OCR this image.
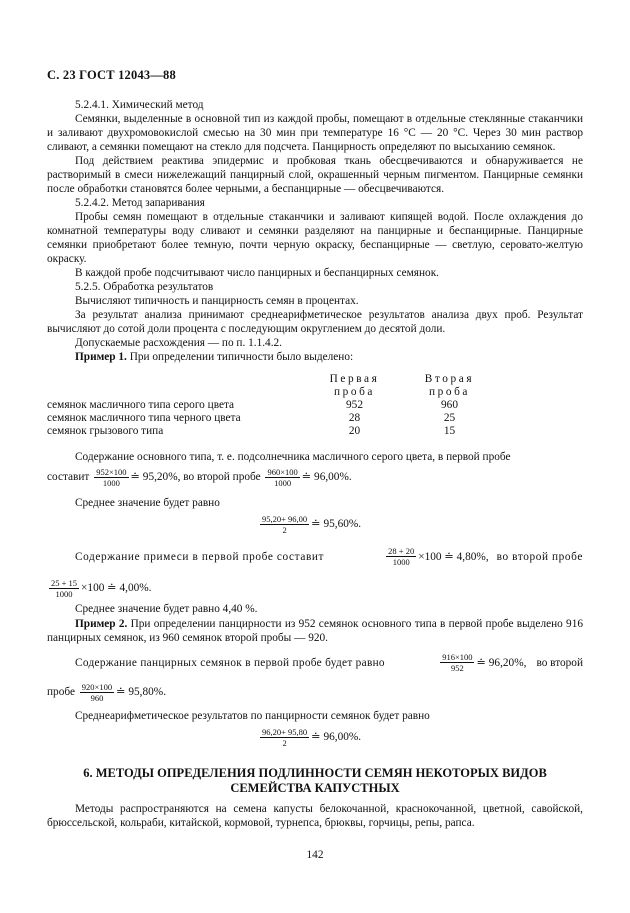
С. 23 ГОСТ 12043—88

5.2.4.1. Химический метод

Семянки, выделенные в основной тип из каждой пробы, помещают в отдельные стеклянные стаканчики и заливают двухромовокислой смесью на 30 мин при температуре 16 °С — 20 °С. Через 30 мин раствор сливают, а семянки помещают на стекло для подсчета. Панцирность определяют по высыханию семянок.

Под действием реактива эпидермис и пробковая ткань обесцвечиваются и обнаруживается не растворимый в смеси нижележащий панцирный слой, окрашенный черным пигментом. Панцирные семянки после обработки становятся более черными, а беспанцирные — обесцвечиваются.

5.2.4.2. Метод запаривания

Пробы семян помещают в отдельные стаканчики и заливают кипящей водой. После охлаждения до комнатной температуры воду сливают и семянки разделяют на панцирные и беспанцирные. Панцирные семянки приобретают более темную, почти черную окраску, беспанцирные — светлую, серовато-желтую окраску.

В каждой пробе подсчитывают число панцирных и беспанцирных семянок.

5.2.5. Обработка результатов

Вычисляют типичность и панцирность семян в процентах.

За результат анализа принимают среднеарифметическое результатов анализа двух проб. Результат вычисляют до сотой доли процента с последующим округлением до десятой доли.

Допускаемые расхождения — по п. 1.1.4.2.

Пример 1. При определении типичности было выделено:

	Первая	Вторая
	проба	проба
семянок масличного типа серого цвета	952	960
семянок масличного типа черного цвета	28	25
семянок грызового типа	20	15

Содержание основного типа, т. е. подсолнечника масличного серого цвета, в первой пробе

составит $\frac{952\times 100}{1000}$ ≐ 95,20%, во второй пробе $\frac{960\times 100}{1000}$ ≐ 96,00%.
Среднее значение будет равно
$\frac{95,20+ 96,00}{2}$ ≐ 95,60%.
Содержание примеси в первой пробе составит	$\frac{28 + 20}{1000} \times 100$ ≐ 4,80%, во второй пробе
$\frac{25 + 15}{1000} \times 100$ ≐ 4,00%.
Среднее значение будет равно 4,40 %.

Пример 2. При определении панцирности из 952 семянок основного типа в первой пробе выделено 916 панцирных семянок, из 960 семянок второй пробы — 920.

Содержание панцирных семянок в первой пробе будет равно	$\frac{916\times 100}{952}$ ≐ 96,20%, во второй
пробе $\frac{920\times 100}{960}$ ≐ 95,80%.
Среднеарифметическое результатов по панцирности семянок будет равно
$\frac{96,20+ 95,80}{2}$ ≐ 96,00%.
6. МЕТОДЫ ОПРЕДЕЛЕНИЯ ПОДЛИННОСТИ СЕМЯН НЕКОТОРЫХ ВИДОВ
СЕМЕЙСТВА КАПУСТНЫХ

Методы распространяются на семена капусты белокочанной, краснокочанной, цветной, савойской, брюссельской, кольраби, китайской, кормовой, турнепса, брюквы, горчицы, репы, рапса.

142
